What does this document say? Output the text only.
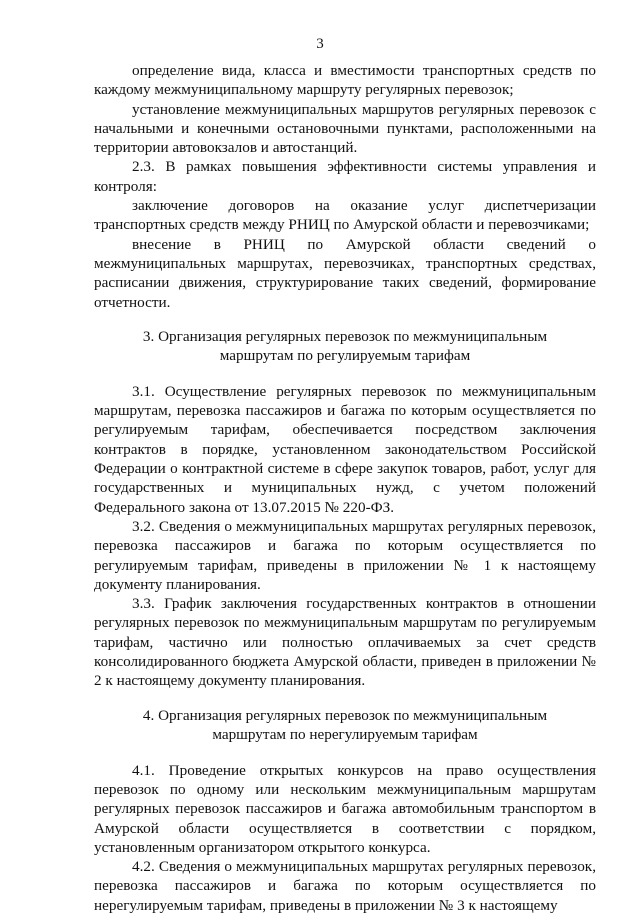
3

определение вида, класса и вместимости транспортных средств по каждому межмуниципальному маршруту регулярных перевозок;

установление межмуниципальных маршрутов регулярных перевозок с начальными и конечными остановочными пунктами, расположенными на территории автовокзалов и автостанций.

2.3. В рамках повышения эффективности системы управления и контроля:

заключение договоров на оказание услуг диспетчеризации транспортных средств между РНИЦ по Амурской области и перевозчиками;

внесение в РНИЦ по Амурской области сведений о межмуниципальных маршрутах, перевозчиках, транспортных средствах, расписании движения, структурирование таких сведений, формирование отчетности.

3. Организация регулярных перевозок по межмуниципальным
маршрутам по регулируемым тарифам

3.1. Осуществление регулярных перевозок по межмуниципальным маршрутам, перевозка пассажиров и багажа по которым осуществляется по регулируемым тарифам, обеспечивается посредством заключения контрактов в порядке, установленном законодательством Российской Федерации о контрактной системе в сфере закупок товаров, работ, услуг для государственных и муниципальных нужд, с учетом положений Федерального закона от 13.07.2015 № 220-ФЗ.

3.2. Сведения о межмуниципальных маршрутах регулярных перевозок, перевозка пассажиров и багажа по которым осуществляется по регулируемым тарифам, приведены в приложении № 1 к настоящему документу планирования.

3.3. График заключения государственных контрактов в отношении регулярных перевозок по межмуниципальным маршрутам по регулируемым тарифам, частично или полностью оплачиваемых за счет средств консолидированного бюджета Амурской области, приведен в приложении № 2 к настоящему документу планирования.

4. Организация регулярных перевозок по межмуниципальным
маршрутам по нерегулируемым тарифам

4.1. Проведение открытых конкурсов на право осуществления перевозок по одному или нескольким межмуниципальным маршрутам регулярных перевозок пассажиров и багажа автомобильным транспортом в Амурской области осуществляется в соответствии с порядком, установленным организатором открытого конкурса.

4.2. Сведения о межмуниципальных маршрутах регулярных перевозок, перевозка пассажиров и багажа по которым осуществляется по нерегулируемым тарифам, приведены в приложении № 3 к настоящему
